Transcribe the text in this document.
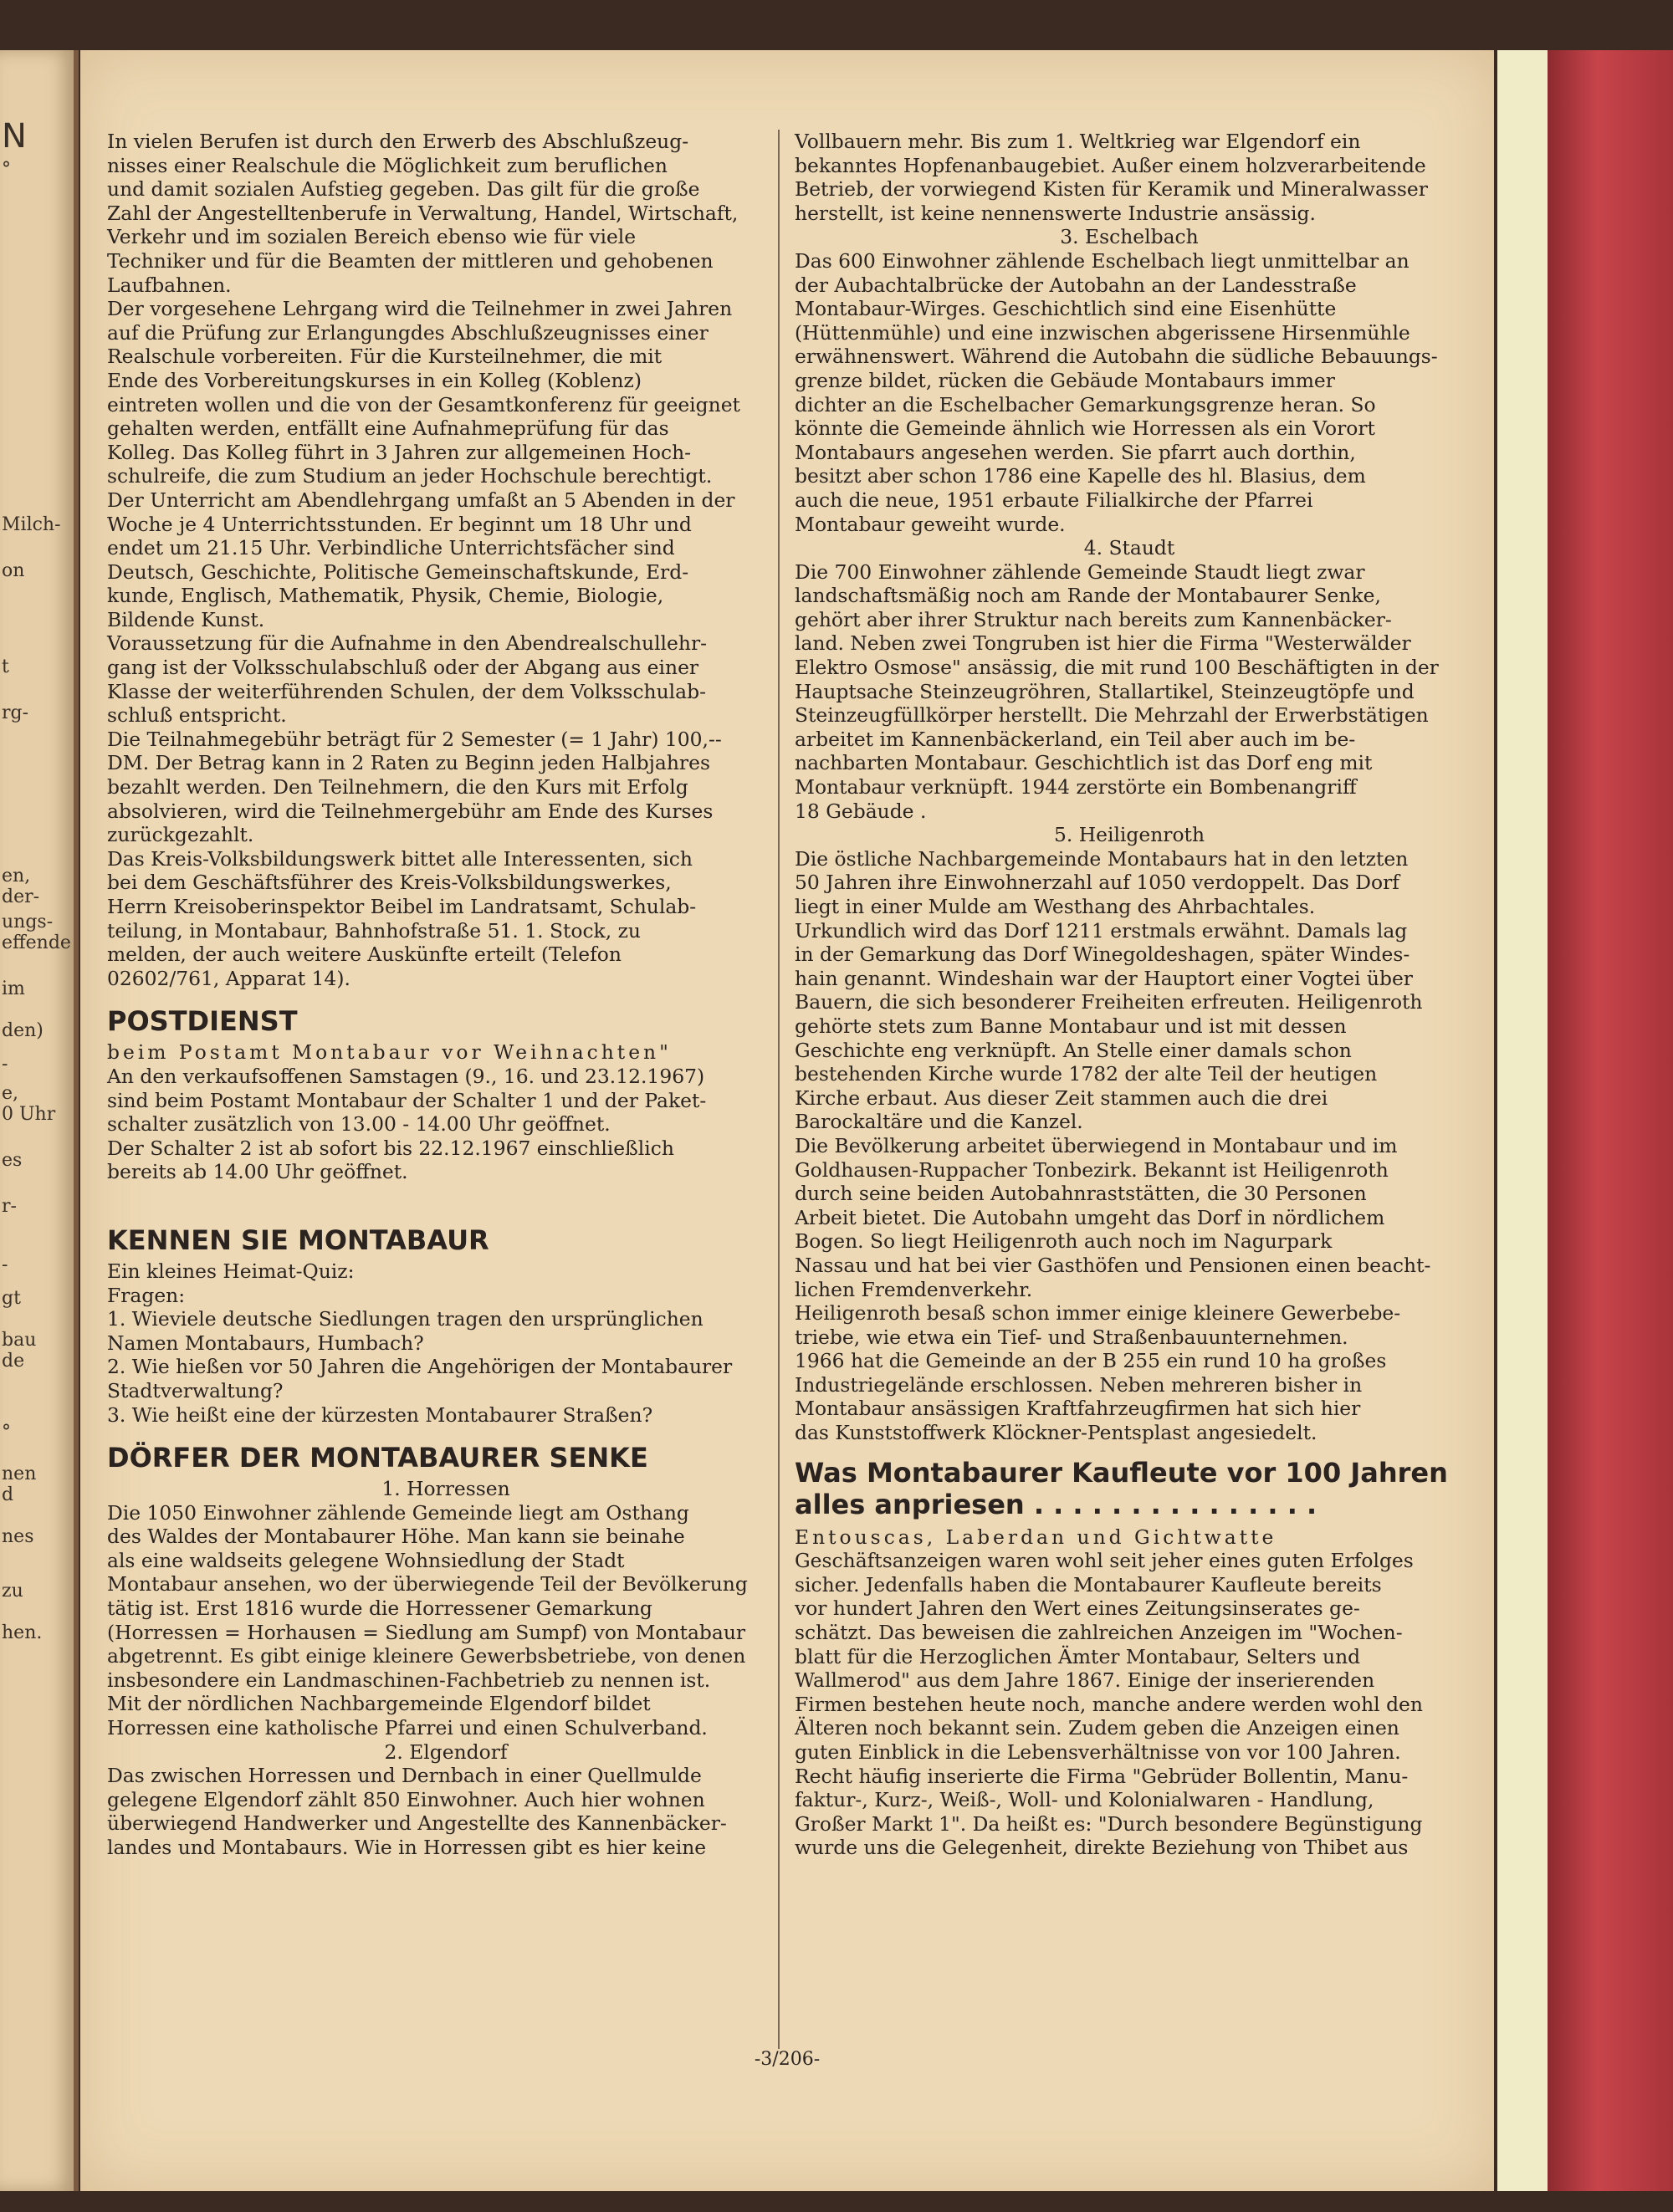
N
°
Milch-
on
t
rg-
en,
der-
ungs-
effende
im
den)
-
e,
0 Uhr
es
r-
-
gt
bau
de
°
nen
d
nes
zu
hen.

In vielen Berufen ist durch den Erwerb des Abschlußzeug-
nisses einer Realschule die Möglichkeit zum beruflichen
und damit sozialen Aufstieg gegeben. Das gilt für die große
Zahl der Angestelltenberufe in Verwaltung, Handel, Wirtschaft,
Verkehr und im sozialen Bereich ebenso wie für viele
Techniker und für die Beamten der mittleren und gehobenen
Laufbahnen.

Der vorgesehene Lehrgang wird die Teilnehmer in zwei Jahren
auf die Prüfung zur Erlangungdes Abschlußzeugnisses einer
Realschule vorbereiten. Für die Kursteilnehmer, die mit
Ende des Vorbereitungskurses in ein Kolleg (Koblenz)
eintreten wollen und die von der Gesamtkonferenz für geeignet
gehalten werden, entfällt eine Aufnahmeprüfung für das
Kolleg. Das Kolleg führt in 3 Jahren zur allgemeinen Hoch-
schulreife, die zum Studium an jeder Hochschule berechtigt.

Der Unterricht am Abendlehrgang umfaßt an 5 Abenden in der
Woche je 4 Unterrichtsstunden. Er beginnt um 18 Uhr und
endet um 21.15 Uhr. Verbindliche Unterrichtsfächer sind
Deutsch, Geschichte, Politische Gemeinschaftskunde, Erd-
kunde, Englisch, Mathematik, Physik, Chemie, Biologie,
Bildende Kunst.

Voraussetzung für die Aufnahme in den Abendrealschullehr-
gang ist der Volksschulabschluß oder der Abgang aus einer
Klasse der weiterführenden Schulen, der dem Volksschulab-
schluß entspricht.

Die Teilnahmegebühr beträgt für 2 Semester (= 1 Jahr) 100,--
DM. Der Betrag kann in 2 Raten zu Beginn jeden Halbjahres
bezahlt werden. Den Teilnehmern, die den Kurs mit Erfolg
absolvieren, wird die Teilnehmergebühr am Ende des Kurses
zurückgezahlt.

Das Kreis-Volksbildungswerk bittet alle Interessenten, sich
bei dem Geschäftsführer des Kreis-Volksbildungswerkes,
Herrn Kreisoberinspektor Beibel im Landratsamt, Schulab-
teilung, in Montabaur, Bahnhofstraße 51. 1. Stock, zu
melden, der auch weitere Auskünfte erteilt (Telefon
02602/761, Apparat 14).

POSTDIENST
beim Postamt Montabaur vor Weihnachten"

An den verkaufsoffenen Samstagen (9., 16. und 23.12.1967)
sind beim Postamt Montabaur der Schalter 1 und der Paket-
schalter zusätzlich von 13.00 - 14.00 Uhr geöffnet.
Der Schalter 2 ist ab sofort bis 22.12.1967 einschließlich
bereits ab 14.00 Uhr geöffnet.

KENNEN SIE MONTABAUR

Ein kleines Heimat-Quiz:
Fragen:
1. Wieviele deutsche Siedlungen tragen den ursprünglichen
Namen Montabaurs, Humbach?
2. Wie hießen vor 50 Jahren die Angehörigen der Montabaurer
Stadtverwaltung?
3. Wie heißt eine der kürzesten Montabaurer Straßen?

DÖRFER DER MONTABAURER SENKE
1. Horressen

Die 1050 Einwohner zählende Gemeinde liegt am Osthang
des Waldes der Montabaurer Höhe. Man kann sie beinahe
als eine waldseits gelegene Wohnsiedlung der Stadt
Montabaur ansehen, wo der überwiegende Teil der Bevölkerung
tätig ist. Erst 1816 wurde die Horressener Gemarkung
(Horressen = Horhausen = Siedlung am Sumpf) von Montabaur
abgetrennt. Es gibt einige kleinere Gewerbsbetriebe, von denen
insbesondere ein Landmaschinen-Fachbetrieb zu nennen ist.
Mit der nördlichen Nachbargemeinde Elgendorf bildet
Horressen eine katholische Pfarrei und einen Schulverband.

2. Elgendorf

Das zwischen Horressen und Dernbach in einer Quellmulde
gelegene Elgendorf zählt 850 Einwohner. Auch hier wohnen
überwiegend Handwerker und Angestellte des Kannenbäcker-
landes und Montabaurs. Wie in Horressen gibt es hier keine

Vollbauern mehr. Bis zum 1. Weltkrieg war Elgendorf ein
bekanntes Hopfenanbaugebiet. Außer einem holzverarbeitende
Betrieb, der vorwiegend Kisten für Keramik und Mineralwasser
herstellt, ist keine nennenswerte Industrie ansässig.

3. Eschelbach

Das 600 Einwohner zählende Eschelbach liegt unmittelbar an
der Aubachtalbrücke der Autobahn an der Landesstraße
Montabaur-Wirges. Geschichtlich sind eine Eisenhütte
(Hüttenmühle) und eine inzwischen abgerissene Hirsenmühle
erwähnenswert. Während die Autobahn die südliche Bebauungs-
grenze bildet, rücken die Gebäude Montabaurs immer
dichter an die Eschelbacher Gemarkungsgrenze heran. So
könnte die Gemeinde ähnlich wie Horressen als ein Vorort
Montabaurs angesehen werden. Sie pfarrt auch dorthin,
besitzt aber schon 1786 eine Kapelle des hl. Blasius, dem
auch die neue, 1951 erbaute Filialkirche der Pfarrei
Montabaur geweiht wurde.

4. Staudt

Die 700 Einwohner zählende Gemeinde Staudt liegt zwar
landschaftsmäßig noch am Rande der Montabaurer Senke,
gehört aber ihrer Struktur nach bereits zum Kannenbäcker-
land. Neben zwei Tongruben ist hier die Firma "Westerwälder
Elektro Osmose" ansässig, die mit rund 100 Beschäftigten in der
Hauptsache Steinzeugröhren, Stallartikel, Steinzeugtöpfe und
Steinzeugfüllkörper herstellt. Die Mehrzahl der Erwerbstätigen
arbeitet im Kannenbäckerland, ein Teil aber auch im be-
nachbarten Montabaur. Geschichtlich ist das Dorf eng mit
Montabaur verknüpft. 1944 zerstörte ein Bombenangriff
18 Gebäude .

5. Heiligenroth

Die östliche Nachbargemeinde Montabaurs hat in den letzten
50 Jahren ihre Einwohnerzahl auf 1050 verdoppelt. Das Dorf
liegt in einer Mulde am Westhang des Ahrbachtales.
Urkundlich wird das Dorf 1211 erstmals erwähnt. Damals lag
in der Gemarkung das Dorf Winegoldeshagen, später Windes-
hain genannt. Windeshain war der Hauptort einer Vogtei über
Bauern, die sich besonderer Freiheiten erfreuten. Heiligenroth
gehörte stets zum Banne Montabaur und ist mit dessen
Geschichte eng verknüpft. An Stelle einer damals schon
bestehenden Kirche wurde 1782 der alte Teil der heutigen
Kirche erbaut. Aus dieser Zeit stammen auch die drei
Barockaltäre und die Kanzel.

Die Bevölkerung arbeitet überwiegend in Montabaur und im
Goldhausen-Ruppacher Tonbezirk. Bekannt ist Heiligenroth
durch seine beiden Autobahnraststätten, die 30 Personen
Arbeit bietet. Die Autobahn umgeht das Dorf in nördlichem
Bogen. So liegt Heiligenroth auch noch im Nagurpark
Nassau und hat bei vier Gasthöfen und Pensionen einen beacht-
lichen Fremdenverkehr.

Heiligenroth besaß schon immer einige kleinere Gewerbebe-
triebe, wie etwa ein Tief- und Straßenbauunternehmen.
1966 hat die Gemeinde an der B 255 ein rund 10 ha großes
Industriegelände erschlossen. Neben mehreren bisher in
Montabaur ansässigen Kraftfahrzeugfirmen hat sich hier
das Kunststoffwerk Klöckner-Pentsplast angesiedelt.

Was Montabaurer Kaufleute vor 100 Jahren
alles anpriesen . . . . . . . . . . . . . . .
Entouscas, Laberdan und Gichtwatte

Geschäftsanzeigen waren wohl seit jeher eines guten Erfolges
sicher. Jedenfalls haben die Montabaurer Kaufleute bereits
vor hundert Jahren den Wert eines Zeitungsinserates ge-
schätzt. Das beweisen die zahlreichen Anzeigen im "Wochen-
blatt für die Herzoglichen Ämter Montabaur, Selters und
Wallmerod" aus dem Jahre 1867. Einige der inserierenden
Firmen bestehen heute noch, manche andere werden wohl den
Älteren noch bekannt sein. Zudem geben die Anzeigen einen
guten Einblick in die Lebensverhältnisse von vor 100 Jahren.
Recht häufig inserierte die Firma "Gebrüder Bollentin, Manu-
faktur-, Kurz-, Weiß-, Woll- und Kolonialwaren - Handlung,
Großer Markt 1". Da heißt es: "Durch besondere Begünstigung
wurde uns die Gelegenheit, direkte Beziehung von Thibet aus

-3/206-
